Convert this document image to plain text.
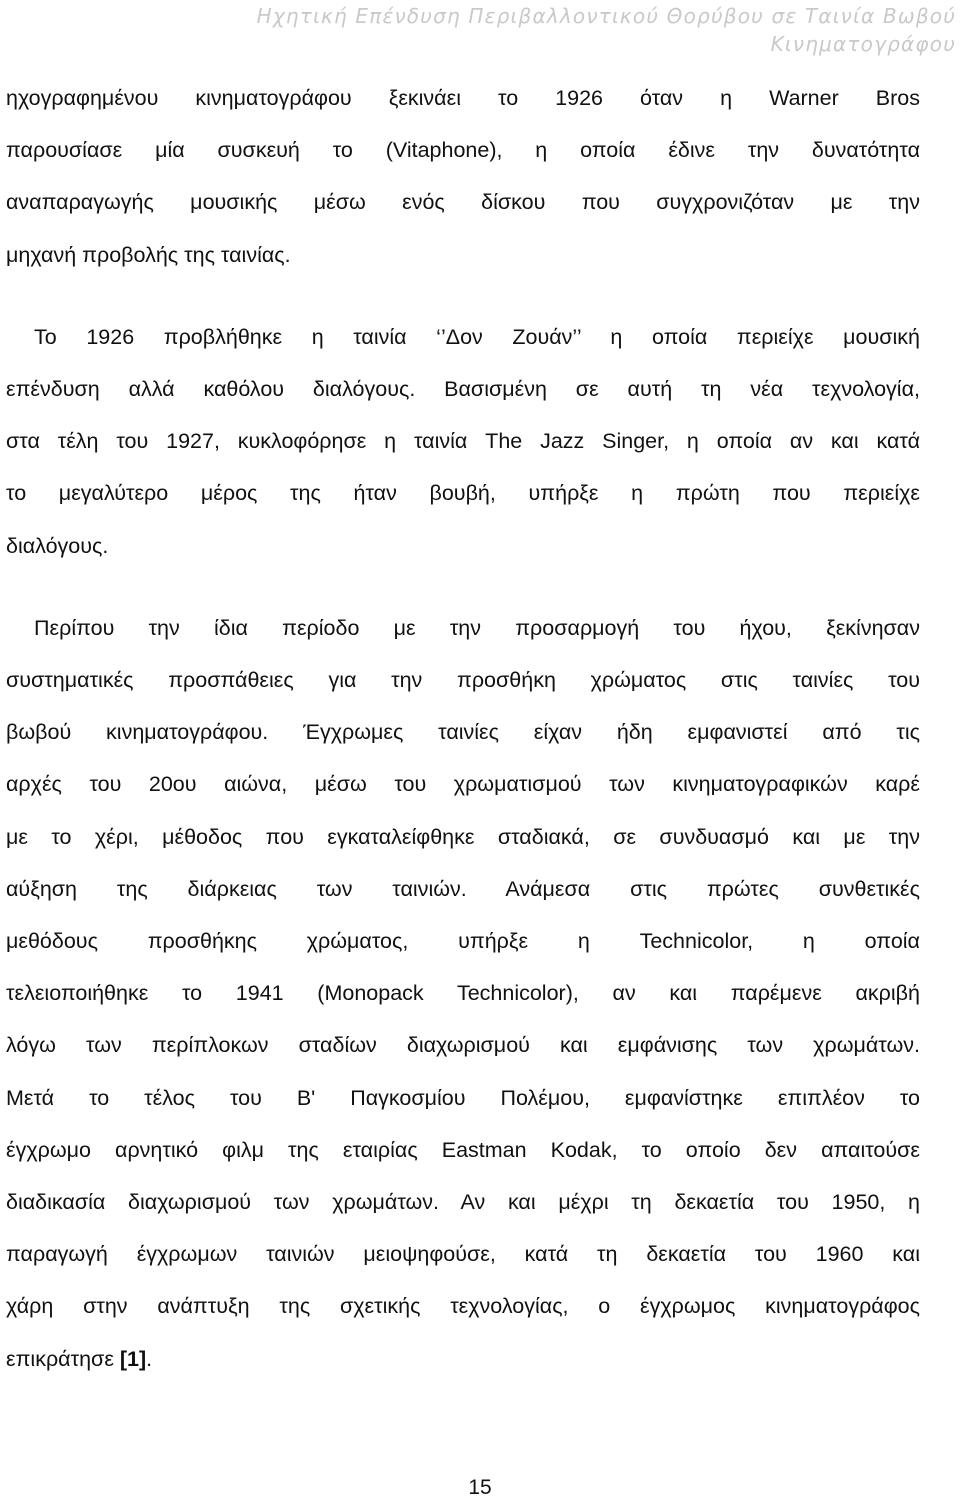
Ηχητική Επένδυση Περιβαλλοντικού Θορύβου σε Ταινία Βωβού
Κινηματογράφου

ηχογραφημένου κινηματογράφου ξεκινάει το 1926 όταν η Warner Bros
παρουσίασε μία συσκευή το (Vitaphone), η οποία έδινε την δυνατότητα
αναπαραγωγής μουσικής μέσω ενός δίσκου που συγχρονιζόταν με την
μηχανή προβολής της ταινίας.

Το 1926 προβλήθηκε η ταινία ‘’Δον Ζουάν’’ η οποία περιείχε μουσική
επένδυση αλλά καθόλου διαλόγους. Βασισμένη σε αυτή τη νέα τεχνολογία,
στα τέλη του 1927, κυκλοφόρησε η ταινία The Jazz Singer, η οποία αν και κατά
το μεγαλύτερο μέρος της ήταν βουβή, υπήρξε η πρώτη που περιείχε
διαλόγους.

Περίπου την ίδια περίοδο με την προσαρμογή του ήχου, ξεκίνησαν
συστηματικές προσπάθειες για την προσθήκη χρώματος στις ταινίες του
βωβού κινηματογράφου. Έγχρωμες ταινίες είχαν ήδη εμφανιστεί από τις
αρχές του 20ου αιώνα, μέσω του χρωματισμού των κινηματογραφικών καρέ
με το χέρι, μέθοδος που εγκαταλείφθηκε σταδιακά, σε συνδυασμό και με την
αύξηση της διάρκειας των ταινιών. Ανάμεσα στις πρώτες συνθετικές
μεθόδους προσθήκης χρώματος, υπήρξε η Technicolor, η οποία
τελειοποιήθηκε το 1941 (Monopack Technicolor), αν και παρέμενε ακριβή
λόγω των περίπλοκων σταδίων διαχωρισμού και εμφάνισης των χρωμάτων.
Μετά το τέλος του Β' Παγκοσμίου Πολέμου, εμφανίστηκε επιπλέον το
έγχρωμο αρνητικό φιλμ της εταιρίας Eastman Kodak, το οποίο δεν απαιτούσε
διαδικασία διαχωρισμού των χρωμάτων. Αν και μέχρι τη δεκαετία του 1950, η
παραγωγή έγχρωμων ταινιών μειοψηφούσε, κατά τη δεκαετία του 1960 και
χάρη στην ανάπτυξη της σχετικής τεχνολογίας, ο έγχρωμος κινηματογράφος
επικράτησε [1].

15
